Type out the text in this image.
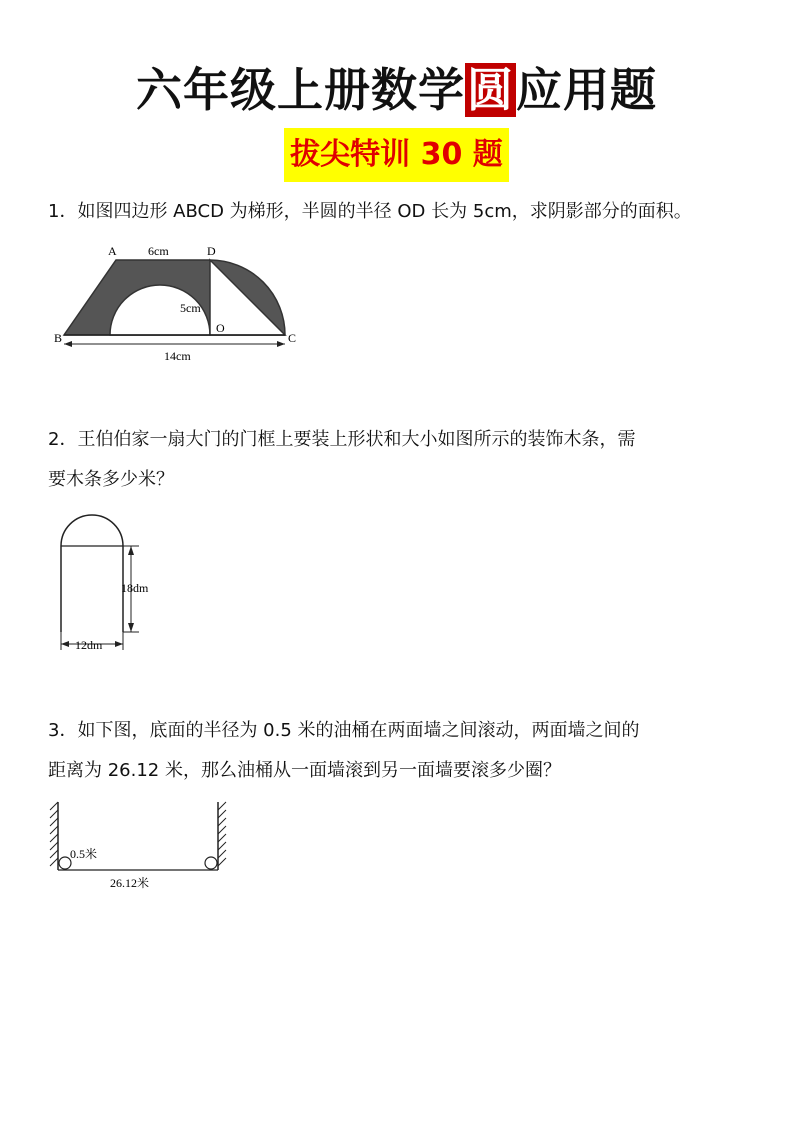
六年级上册数学圆应用题
拔尖特训 30 题

1．如图四边形 ABCD 为梯形，半圆的半径 OD 长为 5cm，求阴影部分的面积。

A	6cm	D
5cm
O
B	C
14cm

2．王伯伯家一扇大门的门框上要装上形状和大小如图所示的装饰木条，需

要木条多少米？

18dm
12dm

3．如下图，底面的半径为 0.5 米的油桶在两面墙之间滚动，两面墙之间的

距离为 26.12 米，那么油桶从一面墙滚到另一面墙要滚多少圈？

0.5米
26.12米
